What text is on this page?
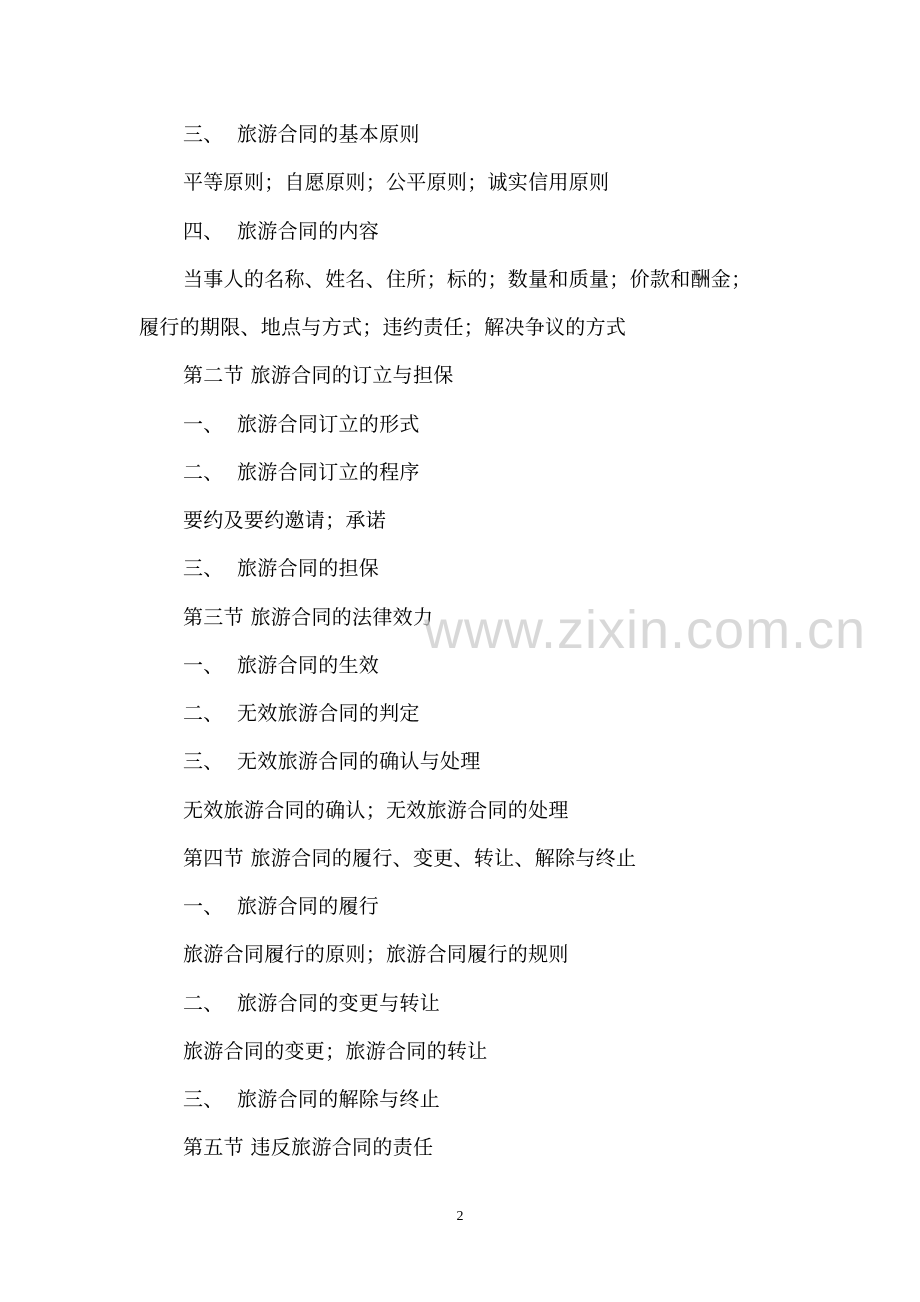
三、 旅游合同的基本原则
平等原则；自愿原则；公平原则；诚实信用原则
四、 旅游合同的内容
当事人的名称、姓名、住所；标的；数量和质量；价款和酬金；
履行的期限、地点与方式；违约责任；解决争议的方式
第二节 旅游合同的订立与担保
一、 旅游合同订立的形式
二、 旅游合同订立的程序
要约及要约邀请；承诺
三、 旅游合同的担保
第三节 旅游合同的法律效力
一、 旅游合同的生效
二、 无效旅游合同的判定
三、 无效旅游合同的确认与处理
无效旅游合同的确认；无效旅游合同的处理
第四节 旅游合同的履行、变更、转让、解除与终止
一、 旅游合同的履行
旅游合同履行的原则；旅游合同履行的规则
二、 旅游合同的变更与转让
旅游合同的变更；旅游合同的转让
三、 旅游合同的解除与终止
第五节 违反旅游合同的责任
www.zixin.com.cn
2
